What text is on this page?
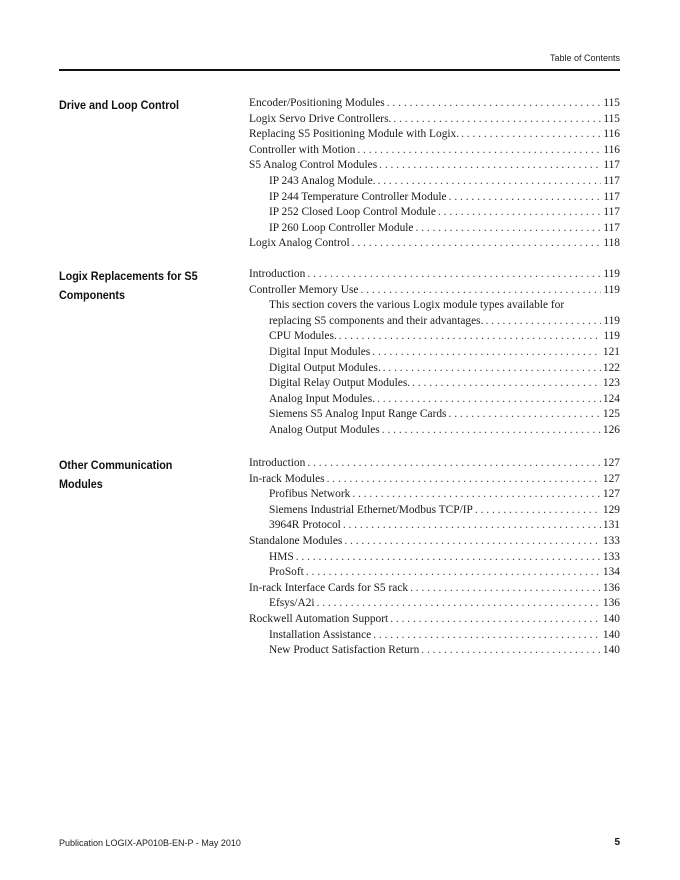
Table of Contents
Drive and Loop Control	Encoder/Positioning Modules . . .	115
Logix Servo Drive Controllers. . . .	115
Replacing S5 Positioning Module with Logix. . . .	116
Controller with Motion . . .	116
S5 Analog Control Modules . . .	117
IP 243 Analog Module. . . .	117
IP 244 Temperature Controller Module . . .	117
IP 252 Closed Loop Control Module . . .	117
IP 260 Loop Controller Module . . .	117
Logix Analog Control . . .	118
Logix Replacements for S5 Components
Introduction . . .	119
Controller Memory Use . . .	119
This section covers the various Logix module types available for
replacing S5 components and their advantages. . . .	119
CPU Modules. . . .	119
Digital Input Modules . . .	121
Digital Output Modules. . . .	122
Digital Relay Output Modules. . . .	123
Analog Input Modules. . . .	124
Siemens S5 Analog Input Range Cards . . .	125
Analog Output Modules . . .	126
Other Communication Modules
Introduction . . .	127
In-rack Modules . . .	127
Profibus Network . . .	127
Siemens Industrial Ethernet/Modbus TCP/IP . . .	129
3964R Protocol . . .	131
Standalone Modules . . .	133
HMS . . .	133
ProSoft . . .	134
In-rack Interface Cards for S5 rack . . .	136
Efsys/A2i . . .	136
Rockwell Automation Support . . .	140
Installation Assistance . . .	140
New Product Satisfaction Return . . .	140
Publication LOGIX-AP010B-EN-P - May 2010	5
